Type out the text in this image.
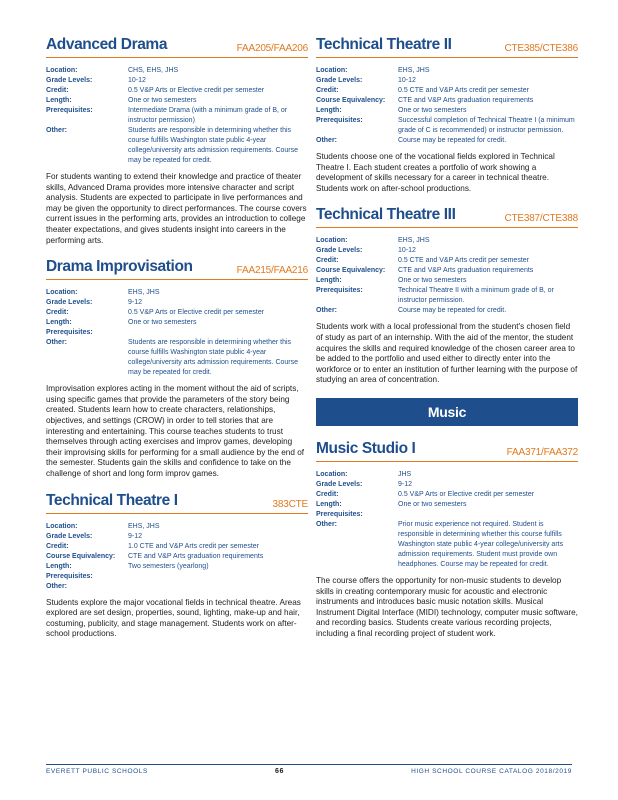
Advanced Drama	FAA205/FAA206
Location:	CHS, EHS, JHS
Grade Levels:	10-12
Credit:	0.5 V&P Arts or Elective credit per semester
Length:	One or two semesters
Prerequisites:	Intermediate Drama (with a minimum grade of B, or instructor permission)
Other:	Students are responsible in determining whether this course fulfills Washington state public 4-year college/university arts admission requirements. Course may be repeated for credit.

For students wanting to extend their knowledge and practice of theater skills, Advanced Drama provides more intensive character and script analysis. Students are expected to participate in live performances and may be given the opportunity to direct performances. The course covers current issues in the performing arts, provides an introduction to college theater expectations, and gives students insight into careers in the performing arts.

Drama Improvisation	FAA215/FAA216
Location:	EHS, JHS
Grade Levels:	9-12
Credit:	0.5 V&P Arts or Elective credit per semester
Length:	One or two semesters
Prerequisites:
Other:	Students are responsible in determining whether this course fulfills Washington state public 4-year college/university arts admission requirements. Course may be repeated for credit.

Improvisation explores acting in the moment without the aid of scripts, using specific games that provide the parameters of the story being created. Students learn how to create characters, relationships, objectives, and settings (CROW) in order to tell stories that are interesting and entertaining. This course teaches students to trust themselves through acting exercises and improv games, developing their improvising skills for performing for a small audience by the end of the semester. Students gain the skills and confidence to take on the challenge of short and long form improv games.

Technical Theatre I	383CTE
Location:	EHS, JHS
Grade Levels:	9-12
Credit:	1.0 CTE and V&P Arts credit per semester
Course Equivalency:	CTE and V&P Arts graduation requirements
Length:	Two semesters (yearlong)
Prerequisites:
Other:

Students explore the major vocational fields in technical theatre. Areas explored are set design, properties, sound, lighting, make-up and hair, costuming, publicity, and stage management. Students work on after-school productions.

Technical Theatre II	CTE385/CTE386
Location:	EHS, JHS
Grade Levels:	10-12
Credit:	0.5 CTE and V&P Arts credit per semester
Course Equivalency:	CTE and V&P Arts graduation requirements
Length:	One or two semesters
Prerequisites:	Successful completion of Technical Theatre I (a minimum grade of C is recommended) or instructor permission.
Other:	Course may be repeated for credit.

Students choose one of the vocational fields explored in Technical Theatre I. Each student creates a portfolio of work showing a development of skills necessary for a career in technical theatre. Students work on after-school productions.

Technical Theatre III	CTE387/CTE388
Location:	EHS, JHS
Grade Levels:	10-12
Credit:	0.5 CTE and V&P Arts credit per semester
Course Equivalency:	CTE and V&P Arts graduation requirements
Length:	One or two semesters
Prerequisites:	Technical Theatre II with a minimum grade of B, or instructor permission.
Other:	Course may be repeated for credit.

Students work with a local professional from the student's chosen field of study as part of an internship. With the aid of the mentor, the student acquires the skills and required knowledge of the chosen career area to be added to the portfolio and used either to directly enter into the workforce or to enter an institution of further learning with the purpose of studying an area of concentration.

Music
Music Studio I	FAA371/FAA372
Location:	JHS
Grade Levels:	9-12
Credit:	0.5 V&P Arts or Elective credit per semester
Length:	One or two semesters
Prerequisites:
Other:	Prior music experience not required. Student is responsible in determining whether this course fulfills Washington state public 4-year college/university arts admission requirements. Student must provide own headphones. Course may be repeated for credit.

The course offers the opportunity for non-music students to develop skills in creating contemporary music for acoustic and electronic instruments and introduces basic music notation skills. Musical Instrument Digital Interface (MIDI) technology, computer music software, and recording basics. Students create various recording projects, including a final recording project of student work.

EVERETT PUBLIC SCHOOLS	66	HIGH SCHOOL COURSE CATALOG 2018/2019
